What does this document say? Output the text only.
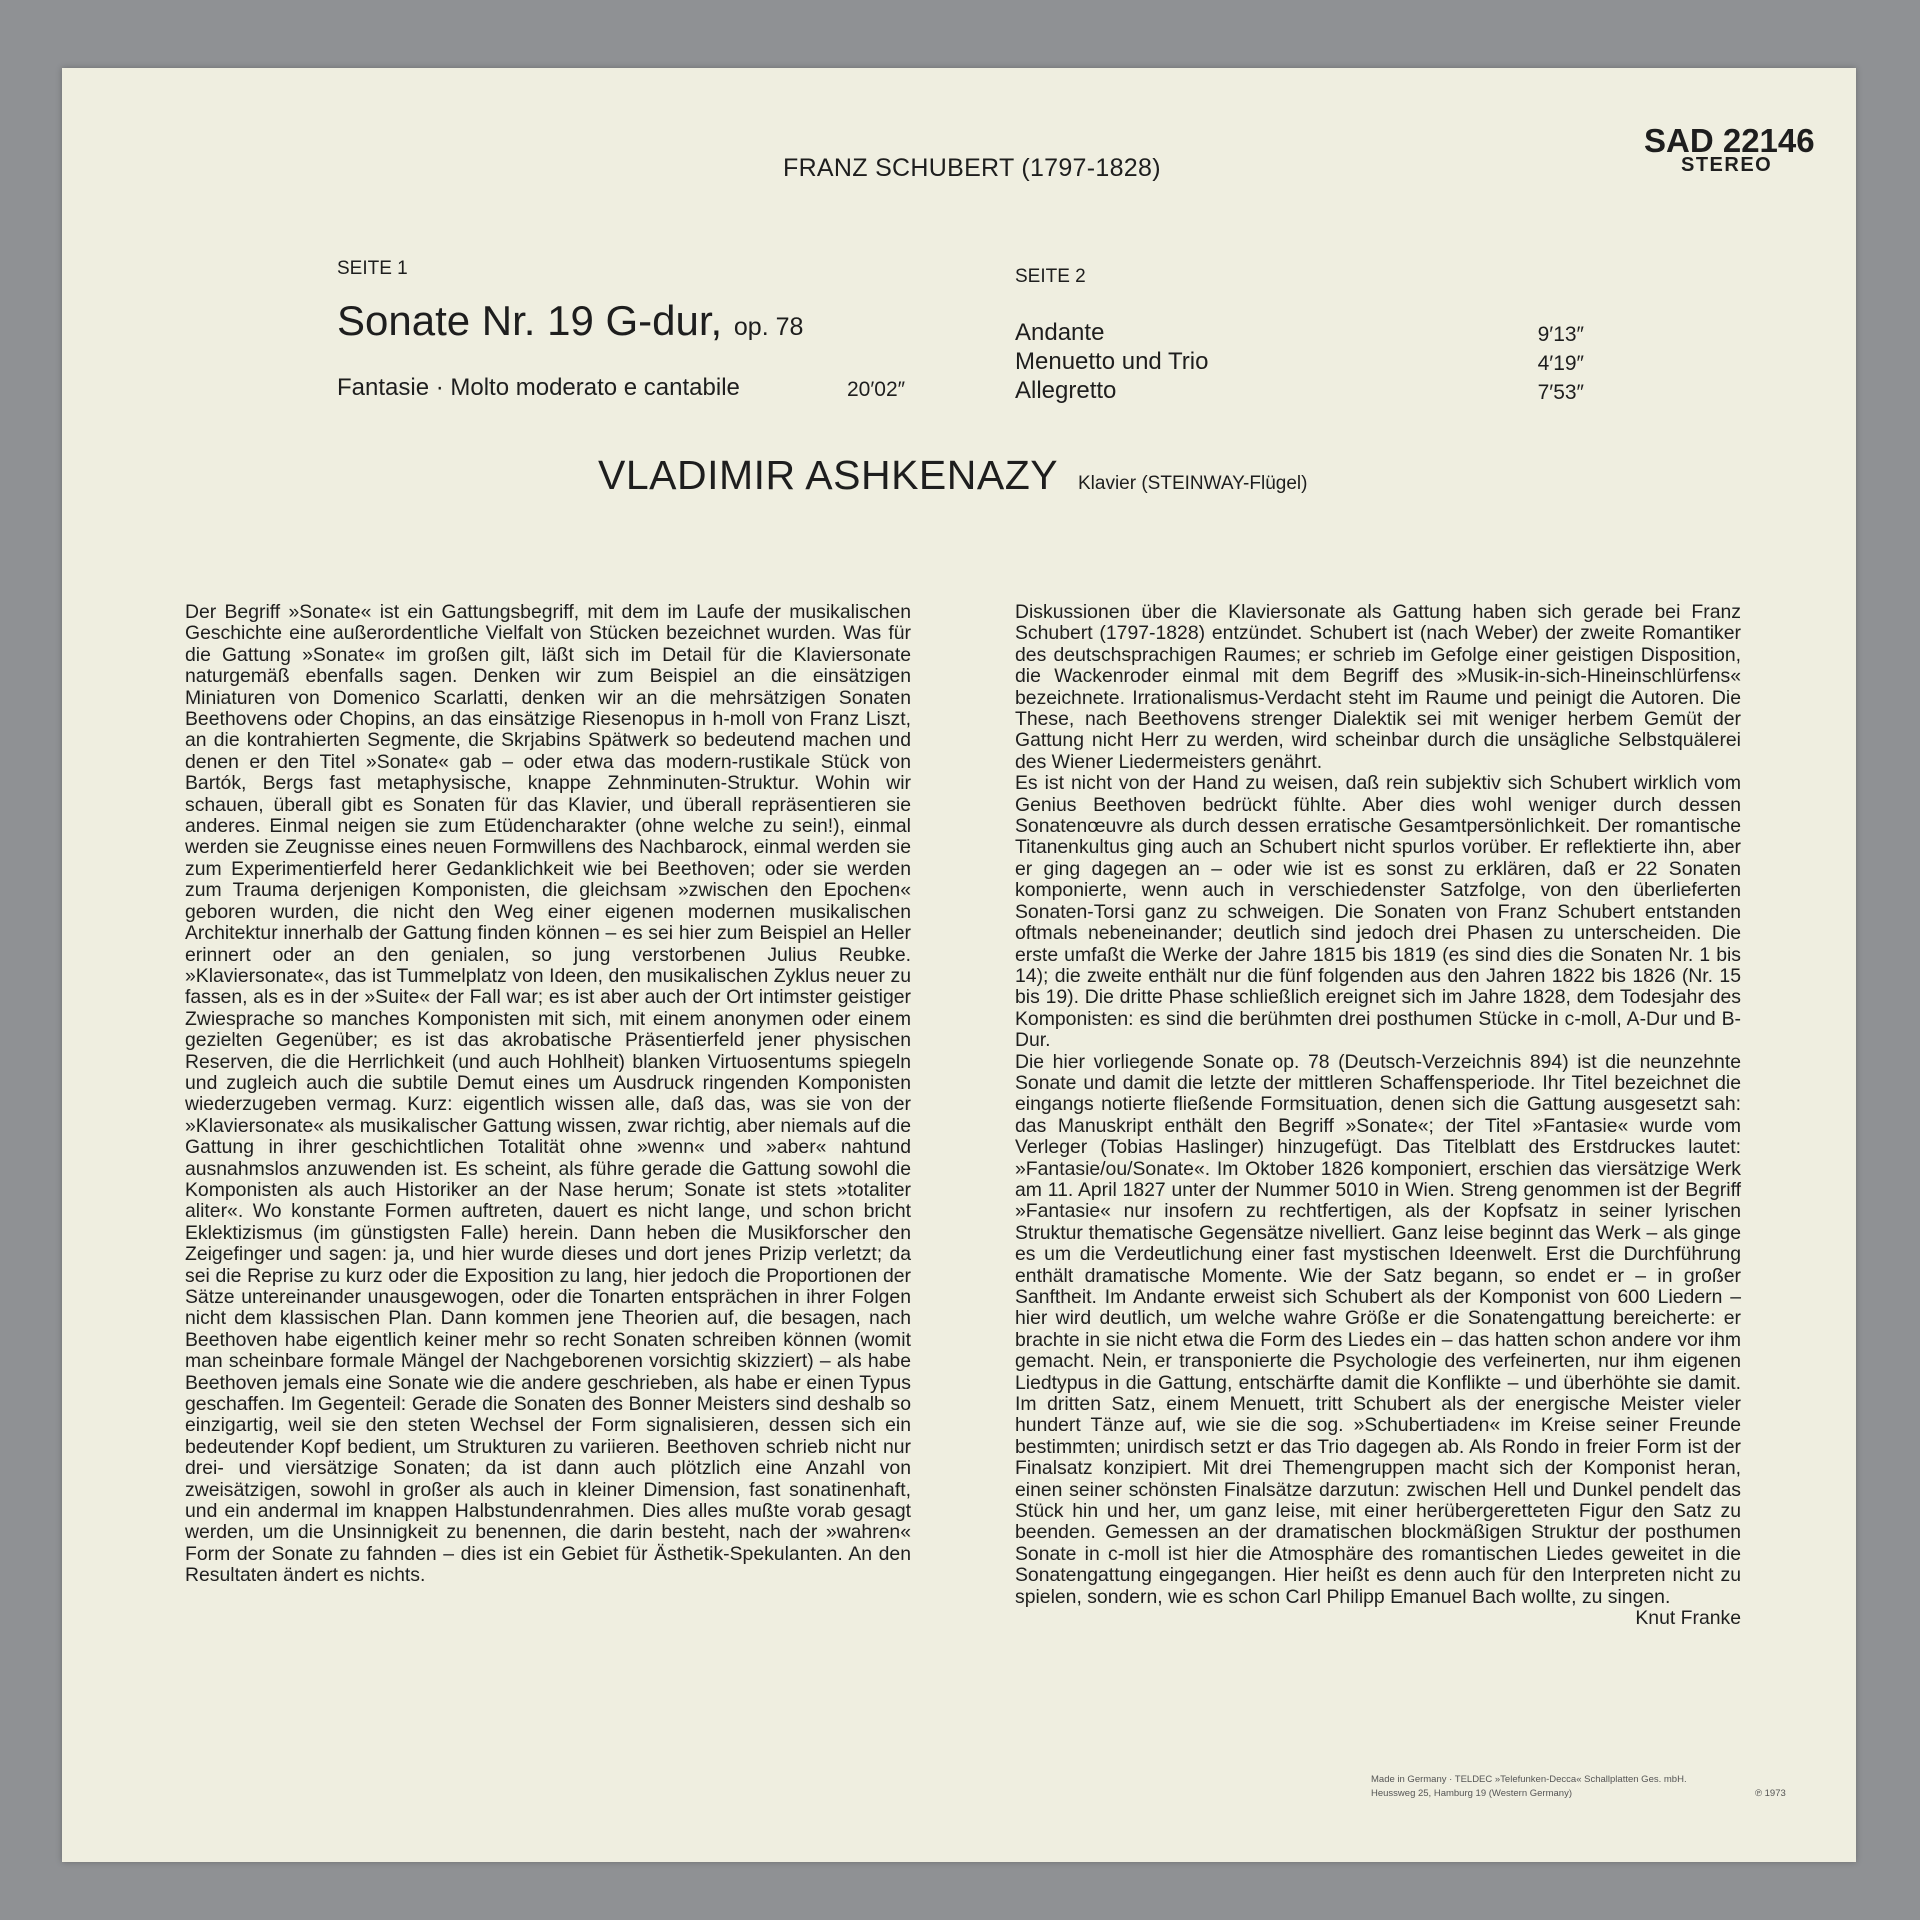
FRANZ SCHUBERT (1797-1828)
SAD 22146
STEREO
SEITE 1
Sonate Nr. 19 G-dur, op. 78
Fantasie · Molto moderato e cantabile	20′02″
SEITE 2
Andante	9′13″
Menuetto und Trio	4′19″
Allegretto	7′53″
VLADIMIR ASHKENAZY Klavier (STEINWAY-Flügel)
Der Begriff »Sonate« ist ein Gattungsbegriff, mit dem im Laufe der musikalischen Geschichte eine außerordentliche Vielfalt von Stücken bezeichnet wurden. Was für die Gattung »Sonate« im großen gilt, läßt sich im Detail für die Klaviersonate naturgemäß ebenfalls sagen. Denken wir zum Beispiel an die einsätzigen Miniaturen von Domenico Scarlatti, denken wir an die mehrsätzigen Sonaten Beethovens oder Chopins, an das einsätzige Riesenopus in h-moll von Franz Liszt, an die kontrahierten Segmente, die Skrjabins Spätwerk so bedeutend machen und denen er den Titel »Sonate« gab – oder etwa das modern-rustikale Stück von Bartók, Bergs fast metaphysische, knappe Zehnminuten-Struktur. Wohin wir schauen, überall gibt es Sonaten für das Klavier, und überall repräsentieren sie anderes. Einmal neigen sie zum Etüdencharakter (ohne welche zu sein!), einmal werden sie Zeugnisse eines neuen Formwillens des Nachbarock, einmal werden sie zum Experimentierfeld herer Gedanklichkeit wie bei Beethoven; oder sie werden zum Trauma derjenigen Komponisten, die gleichsam »zwischen den Epochen« geboren wurden, die nicht den Weg einer eigenen modernen musikalischen Architektur innerhalb der Gattung finden können – es sei hier zum Beispiel an Heller erinnert oder an den genialen, so jung verstorbenen Julius Reubke. »Klaviersonate«, das ist Tummelplatz von Ideen, den musikalischen Zyklus neuer zu fassen, als es in der »Suite« der Fall war; es ist aber auch der Ort intimster geistiger Zwiesprache so manches Komponisten mit sich, mit einem anonymen oder einem gezielten Gegenüber; es ist das akrobatische Präsentierfeld jener physischen Reserven, die die Herrlichkeit (und auch Hohlheit) blanken Virtuosentums spiegeln und zugleich auch die subtile Demut eines um Ausdruck ringenden Komponisten wiederzugeben vermag. Kurz: eigentlich wissen alle, daß das, was sie von der »Klaviersonate« als musikalischer Gattung wissen, zwar richtig, aber niemals auf die Gattung in ihrer geschichtlichen Totalität ohne »wenn« und »aber« nahtund ausnahmslos anzuwenden ist. Es scheint, als führe gerade die Gattung sowohl die Komponisten als auch Historiker an der Nase herum; Sonate ist stets »totaliter aliter«. Wo konstante Formen auftreten, dauert es nicht lange, und schon bricht Eklektizismus (im günstigsten Falle) herein. Dann heben die Musikforscher den Zeigefinger und sagen: ja, und hier wurde dieses und dort jenes Prizip verletzt; da sei die Reprise zu kurz oder die Exposition zu lang, hier jedoch die Proportionen der Sätze untereinander unausgewogen, oder die Tonarten entsprächen in ihrer Folgen nicht dem klassischen Plan. Dann kommen jene Theorien auf, die besagen, nach Beethoven habe eigentlich keiner mehr so recht Sonaten schreiben können (womit man scheinbare formale Mängel der Nachgeborenen vorsichtig skizziert) – als habe Beethoven jemals eine Sonate wie die andere geschrieben, als habe er einen Typus geschaffen. Im Gegenteil: Gerade die Sonaten des Bonner Meisters sind deshalb so einzigartig, weil sie den steten Wechsel der Form signalisieren, dessen sich ein bedeutender Kopf bedient, um Strukturen zu variieren. Beethoven schrieb nicht nur drei- und viersätzige Sonaten; da ist dann auch plötzlich eine Anzahl von zweisätzigen, sowohl in großer als auch in kleiner Dimension, fast sonatinenhaft, und ein andermal im knappen Halbstundenrahmen. Dies alles mußte vorab gesagt werden, um die Unsinnigkeit zu benennen, die darin besteht, nach der »wahren« Form der Sonate zu fahnden – dies ist ein Gebiet für Ästhetik-Spekulanten. An den Resultaten ändert es nichts.
Diskussionen über die Klaviersonate als Gattung haben sich gerade bei Franz Schubert (1797-1828) entzündet. Schubert ist (nach Weber) der zweite Romantiker des deutschsprachigen Raumes; er schrieb im Gefolge einer geistigen Disposition, die Wackenroder einmal mit dem Begriff des »Musik-in-sich-Hineinschlürfens« bezeichnete. Irrationalismus-Verdacht steht im Raume und peinigt die Autoren. Die These, nach Beethovens strenger Dialektik sei mit weniger herbem Gemüt der Gattung nicht Herr zu werden, wird scheinbar durch die unsägliche Selbstquälerei des Wiener Liedermeisters genährt.
Es ist nicht von der Hand zu weisen, daß rein subjektiv sich Schubert wirklich vom Genius Beethoven bedrückt fühlte. Aber dies wohl weniger durch dessen Sonatenœuvre als durch dessen erratische Gesamtpersönlichkeit. Der romantische Titanenkultus ging auch an Schubert nicht spurlos vorüber. Er reflektierte ihn, aber er ging dagegen an – oder wie ist es sonst zu erklären, daß er 22 Sonaten komponierte, wenn auch in verschiedenster Satzfolge, von den überlieferten Sonaten-Torsi ganz zu schweigen. Die Sonaten von Franz Schubert entstanden oftmals nebeneinander; deutlich sind jedoch drei Phasen zu unterscheiden. Die erste umfaßt die Werke der Jahre 1815 bis 1819 (es sind dies die Sonaten Nr. 1 bis 14); die zweite enthält nur die fünf folgenden aus den Jahren 1822 bis 1826 (Nr. 15 bis 19). Die dritte Phase schließlich ereignet sich im Jahre 1828, dem Todesjahr des Komponisten: es sind die berühmten drei posthumen Stücke in c-moll, A-Dur und B-Dur.
Die hier vorliegende Sonate op. 78 (Deutsch-Verzeichnis 894) ist die neunzehnte Sonate und damit die letzte der mittleren Schaffensperiode. Ihr Titel bezeichnet die eingangs notierte fließende Formsituation, denen sich die Gattung ausgesetzt sah: das Manuskript enthält den Begriff »Sonate«; der Titel »Fantasie« wurde vom Verleger (Tobias Haslinger) hinzugefügt. Das Titelblatt des Erstdruckes lautet: »Fantasie/ou/Sonate«. Im Oktober 1826 komponiert, erschien das viersätzige Werk am 11. April 1827 unter der Nummer 5010 in Wien. Streng genommen ist der Begriff »Fantasie« nur insofern zu rechtfertigen, als der Kopfsatz in seiner lyrischen Struktur thematische Gegensätze nivelliert. Ganz leise beginnt das Werk – als ginge es um die Verdeutlichung einer fast mystischen Ideenwelt. Erst die Durchführung enthält dramatische Momente. Wie der Satz begann, so endet er – in großer Sanftheit. Im Andante erweist sich Schubert als der Komponist von 600 Liedern – hier wird deutlich, um welche wahre Größe er die Sonatengattung bereicherte: er brachte in sie nicht etwa die Form des Liedes ein – das hatten schon andere vor ihm gemacht. Nein, er transponierte die Psychologie des verfeinerten, nur ihm eigenen Liedtypus in die Gattung, entschärfte damit die Konflikte – und überhöhte sie damit. Im dritten Satz, einem Menuett, tritt Schubert als der energische Meister vieler hundert Tänze auf, wie sie die sog. »Schubertiaden« im Kreise seiner Freunde bestimmten; unirdisch setzt er das Trio dagegen ab. Als Rondo in freier Form ist der Finalsatz konzipiert. Mit drei Themengruppen macht sich der Komponist heran, einen seiner schönsten Finalsätze darzutun: zwischen Hell und Dunkel pendelt das Stück hin und her, um ganz leise, mit einer herübergeretteten Figur den Satz zu beenden. Gemessen an der dramatischen blockmäßigen Struktur der posthumen Sonate in c-moll ist hier die Atmosphäre des romantischen Liedes geweitet in die Sonatengattung eingegangen. Hier heißt es denn auch für den Interpreten nicht zu spielen, sondern, wie es schon Carl Philipp Emanuel Bach wollte, zu singen.
Knut Franke
Made in Germany · TELDEC »Telefunken-Decca« Schallplatten Ges. mbH.
Heussweg 25, Hamburg 19 (Western Germany)	℗ 1973
